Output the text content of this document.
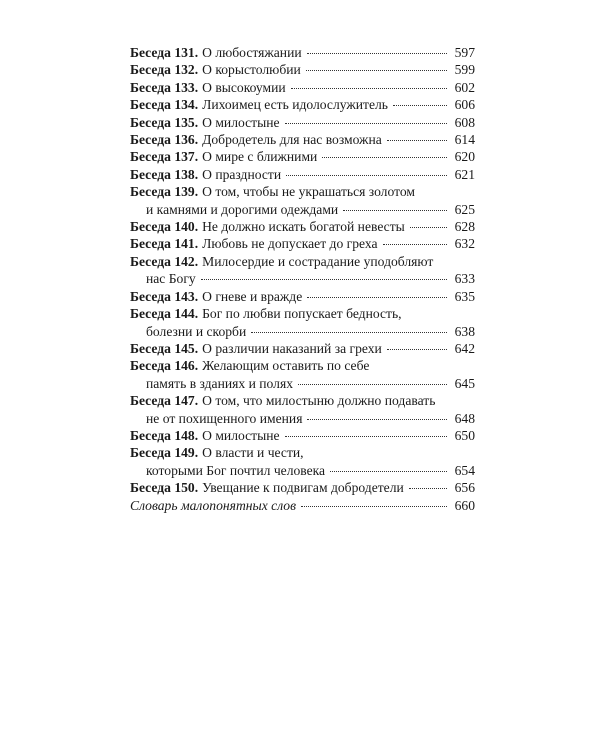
Беседа 131. О любостяжании	597
Беседа 132. О корыстолюбии	599
Беседа 133. О высокоумии	602
Беседа 134. Лихоимец есть идолослужитель	606
Беседа 135. О милостыне	608
Беседа 136. Добродетель для нас возможна	614
Беседа 137. О мире с ближними	620
Беседа 138. О праздности	621
Беседа 139. О том, чтобы не украшаться золотом
и камнями и дорогими одеждами	625
Беседа 140. Не должно искать богатой невесты	628
Беседа 141. Любовь не допускает до греха	632
Беседа 142. Милосердие и сострадание уподобляют
нас Богу	633
Беседа 143. О гневе и вражде	635
Беседа 144. Бог по любви попускает бедность,
болезни и скорби	638
Беседа 145. О различии наказаний за грехи	642
Беседа 146. Желающим оставить по себе
память в зданиях и полях	645
Беседа 147. О том, что милостыню должно подавать
не от похищенного имения	648
Беседа 148. О милостыне	650
Беседа 149. О власти и чести,
которыми Бог почтил человека	654
Беседа 150. Увещание к подвигам добродетели	656
Словарь малопонятных слов	660
